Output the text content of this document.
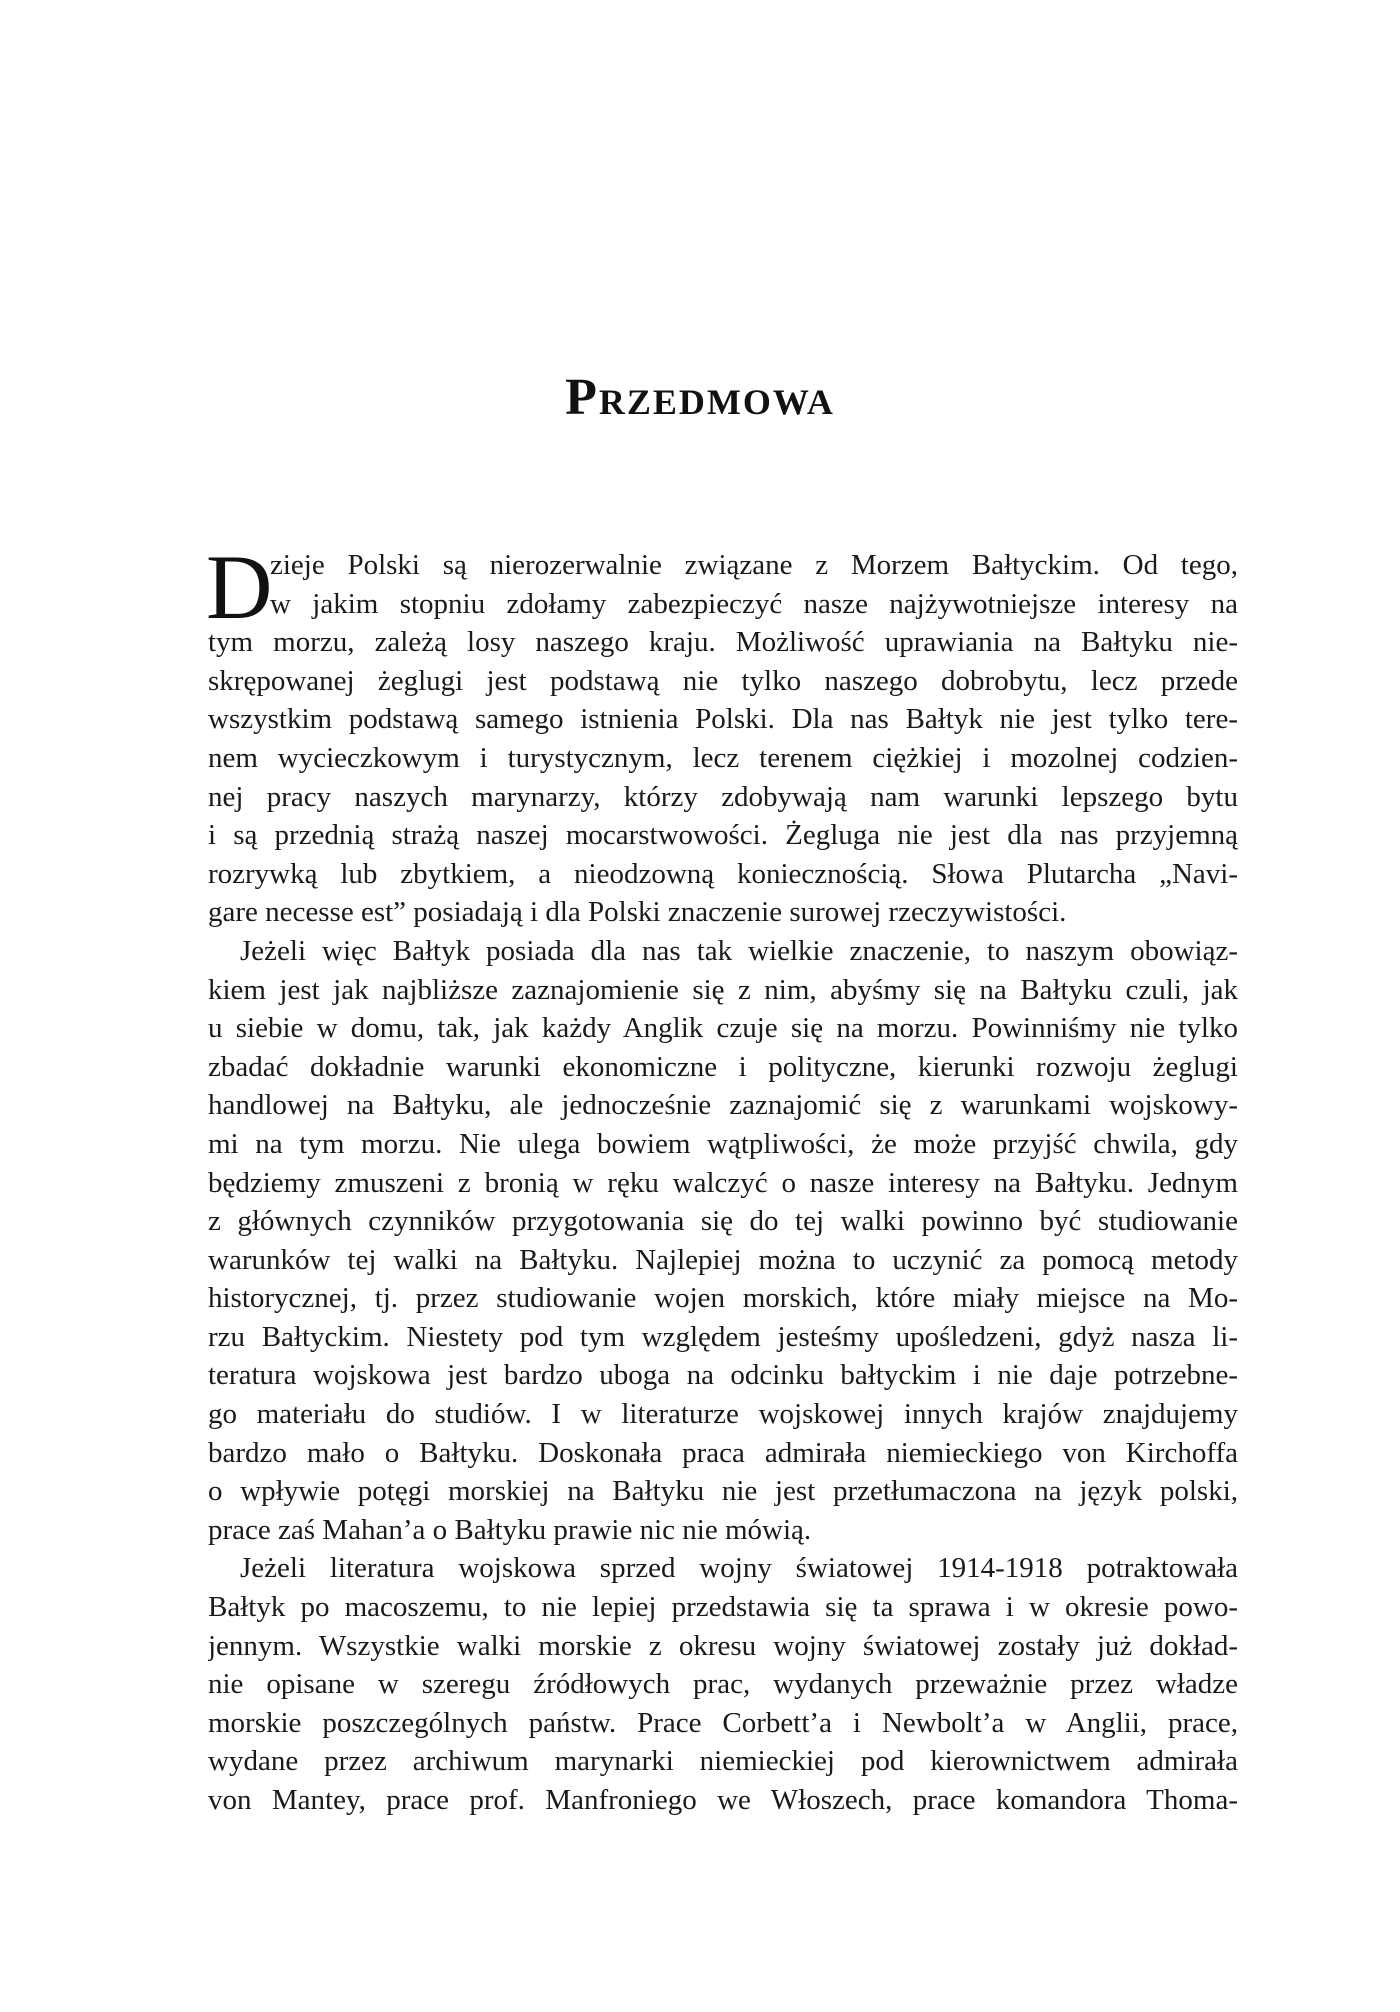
Przedmowa
D
zieje Polski są nierozerwalnie związane z Morzem Bałtyckim. Od tego,
w jakim stopniu zdołamy zabezpieczyć nasze najżywotniejsze interesy na
tym morzu, zależą losy naszego kraju. Możliwość uprawiania na Bałtyku nie-
skrępowanej żeglugi jest podstawą nie tylko naszego dobrobytu, lecz przede
wszystkim podstawą samego istnienia Polski. Dla nas Bałtyk nie jest tylko tere-
nem wycieczkowym i turystycznym, lecz terenem ciężkiej i mozolnej codzien-
nej pracy naszych marynarzy, którzy zdobywają nam warunki lepszego bytu
i są przednią strażą naszej mocarstwowości. Żegluga nie jest dla nas przyjemną
rozrywką lub zbytkiem, a nieodzowną koniecznością. Słowa Plutarcha „Navi-
gare necesse est” posiadają i dla Polski znaczenie surowej rzeczywistości.
Jeżeli więc Bałtyk posiada dla nas tak wielkie znaczenie, to naszym obowiąz-
kiem jest jak najbliższe zaznajomienie się z nim, abyśmy się na Bałtyku czuli, jak
u siebie w domu, tak, jak każdy Anglik czuje się na morzu. Powinniśmy nie tylko
zbadać dokładnie warunki ekonomiczne i polityczne, kierunki rozwoju żeglugi
handlowej na Bałtyku, ale jednocześnie zaznajomić się z warunkami wojskowy-
mi na tym morzu. Nie ulega bowiem wątpliwości, że może przyjść chwila, gdy
będziemy zmuszeni z bronią w ręku walczyć o nasze interesy na Bałtyku. Jednym
z głównych czynników przygotowania się do tej walki powinno być studiowanie
warunków tej walki na Bałtyku. Najlepiej można to uczynić za pomocą metody
historycznej, tj. przez studiowanie wojen morskich, które miały miejsce na Mo-
rzu Bałtyckim. Niestety pod tym względem jesteśmy upośledzeni, gdyż nasza li-
teratura wojskowa jest bardzo uboga na odcinku bałtyckim i nie daje potrzebne-
go materiału do studiów. I w literaturze wojskowej innych krajów znajdujemy
bardzo mało o Bałtyku. Doskonała praca admirała niemieckiego von Kirchoffa
o wpływie potęgi morskiej na Bałtyku nie jest przetłumaczona na język polski,
prace zaś Mahan’a o Bałtyku prawie nic nie mówią.
Jeżeli literatura wojskowa sprzed wojny światowej 1914-1918 potraktowała
Bałtyk po macoszemu, to nie lepiej przedstawia się ta sprawa i w okresie powo-
jennym. Wszystkie walki morskie z okresu wojny światowej zostały już dokład-
nie opisane w szeregu źródłowych prac, wydanych przeważnie przez władze
morskie poszczególnych państw. Prace Corbett’a i Newbolt’a w Anglii, prace,
wydane przez archiwum marynarki niemieckiej pod kierownictwem admirała
von Mantey, prace prof. Manfroniego we Włoszech, prace komandora Thoma-
